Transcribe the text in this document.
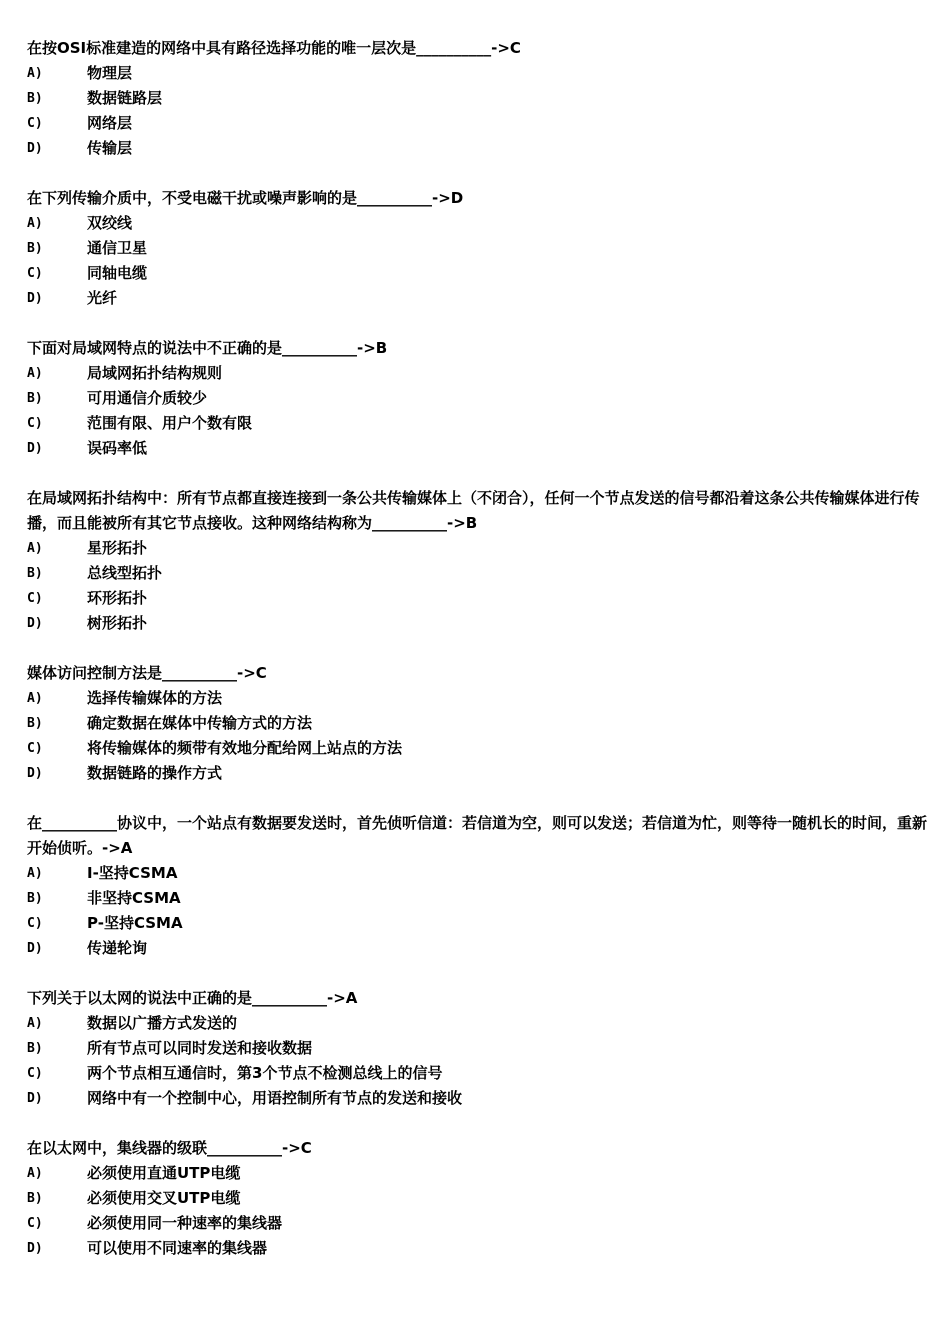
在按OSI标准建造的网络中具有路径选择功能的唯一层次是__________->C

A)	物理层
B)	数据链路层
C)	网络层
D)	传输层

在下列传输介质中，不受电磁干扰或噪声影响的是__________->D

A)	双绞线
B)	通信卫星
C)	同轴电缆
D)	光纤

下面对局域网特点的说法中不正确的是__________->B

A)	局域网拓扑结构规则
B)	可用通信介质较少
C)	范围有限、用户个数有限
D)	误码率低

在局域网拓扑结构中：所有节点都直接连接到一条公共传输媒体上（不闭合），任何一个节点发送的信号都沿着这条公共传输媒体进行传播，而且能被所有其它节点接收。这种网络结构称为__________->B

A)	星形拓扑
B)	总线型拓扑
C)	环形拓扑
D)	树形拓扑

媒体访问控制方法是__________->C

A)	选择传输媒体的方法
B)	确定数据在媒体中传输方式的方法
C)	将传输媒体的频带有效地分配给网上站点的方法
D)	数据链路的操作方式

在__________协议中，一个站点有数据要发送时，首先侦听信道：若信道为空，则可以发送；若信道为忙，则等待一随机长的时间，重新开始侦听。->A

A)	I-坚持CSMA
B)	非坚持CSMA
C)	P-坚持CSMA
D)	传递轮询

下列关于以太网的说法中正确的是__________->A

A)	数据以广播方式发送的
B)	所有节点可以同时发送和接收数据
C)	两个节点相互通信时，第3个节点不检测总线上的信号
D)	网络中有一个控制中心，用语控制所有节点的发送和接收

在以太网中，集线器的级联__________->C

A)	必须使用直通UTP电缆
B)	必须使用交叉UTP电缆
C)	必须使用同一种速率的集线器
D)	可以使用不同速率的集线器
